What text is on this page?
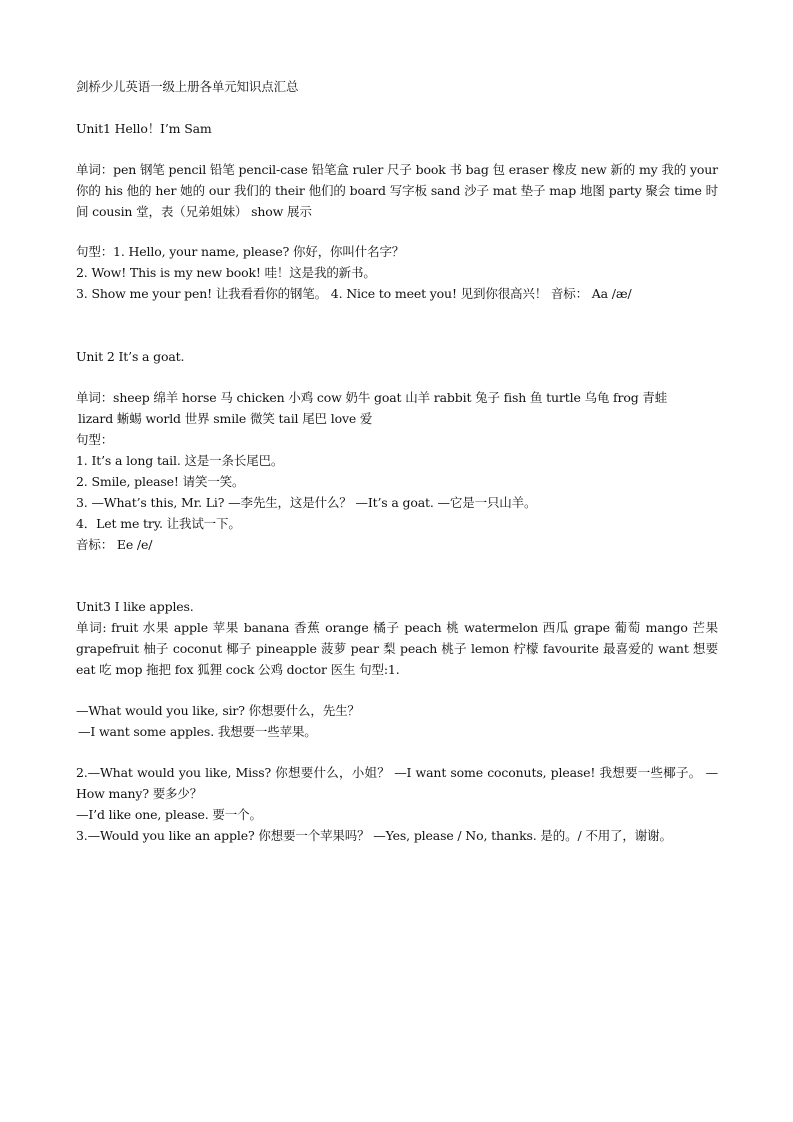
剑桥少儿英语一级上册各单元知识点汇总
Unit1 Hello！I’m Sam
单词：pen 钢笔 pencil 铅笔 pencil-case 铅笔盒 ruler 尺子 book 书 bag 包 eraser 橡皮 new 新的 my 我的 your 你的 his 他的 her 她的 our 我们的 their 他们的 board 写字板 sand 沙子 mat 垫子 map 地图 party 聚会 time 时间 cousin 堂，表（兄弟姐妹） show 展示
句型：1. Hello, your name, please? 你好，你叫什名字？
2. Wow! This is my new book! 哇！这是我的新书。
3. Show me your pen! 让我看看你的钢笔。 4. Nice to meet you! 见到你很高兴！ 音标： Aa /æ/
Unit 2 It’s a goat.
单词：sheep 绵羊 horse 马 chicken 小鸡 cow 奶牛 goat 山羊 rabbit 兔子 fish 鱼 turtle 乌龟 frog 青蛙
lizard 蜥蜴 world 世界 smile 微笑 tail 尾巴 love 爱
句型：
1. It’s a long tail. 这是一条长尾巴。
2. Smile, please! 请笑一笑。
3. —What’s this, Mr. Li? —李先生，这是什么？ —It’s a goat. —它是一只山羊。
4．Let me try. 让我试一下。
音标： Ee /e/
Unit3 I like apples.
单词: fruit 水果 apple 苹果 banana 香蕉 orange 橘子 peach 桃 watermelon 西瓜 grape 葡萄 mango 芒果 grapefruit 柚子 coconut 椰子 pineapple 菠萝 pear 梨 peach 桃子 lemon 柠檬 favourite 最喜爱的 want 想要 eat 吃 mop 拖把 fox 狐狸 cock 公鸡 doctor 医生 句型:1.
—What would you like, sir? 你想要什么，先生？
—I want some apples. 我想要一些苹果。
2.—What would you like, Miss? 你想要什么，小姐？ —I want some coconuts, please! 我想要一些椰子。 —How many? 要多少？
—I’d like one, please. 要一个。
3.—Would you like an apple? 你想要一个苹果吗？ —Yes, please / No, thanks. 是的。/ 不用了，谢谢。
